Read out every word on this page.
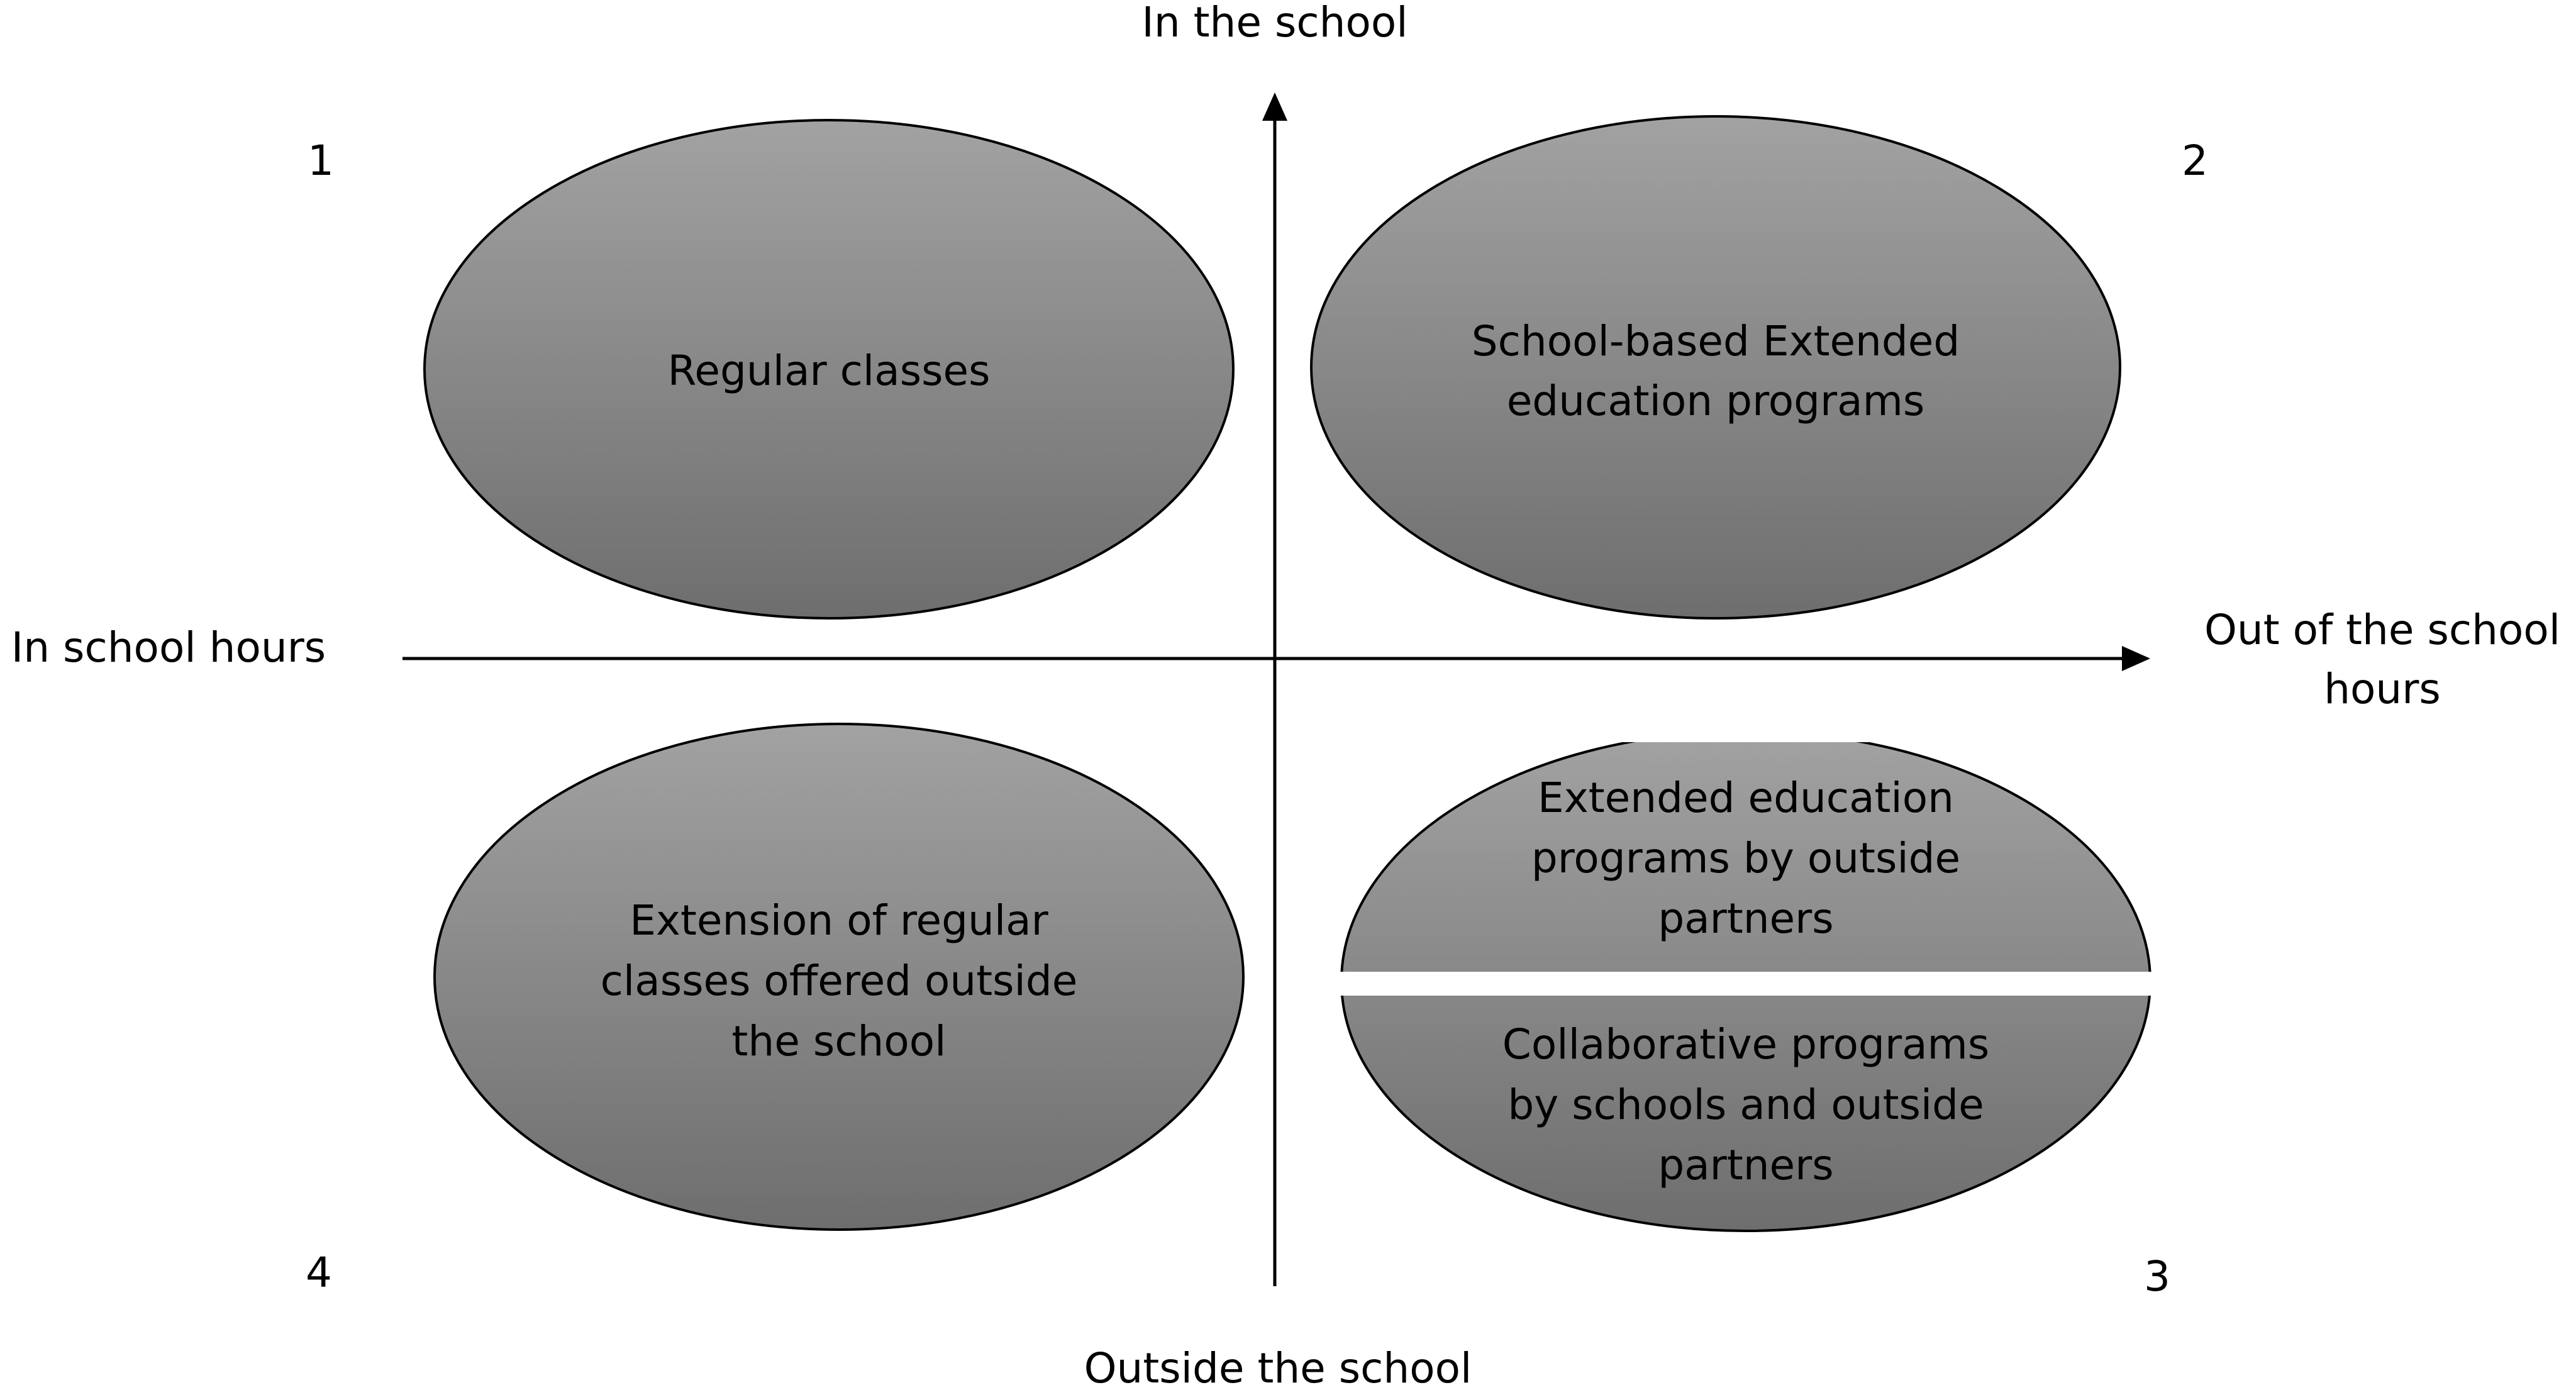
In the school
Outside the school
In school hours	Out of the school
hours
1	2
3
4
Regular classes
School-based Extended
education programs
Extension of regular
classes offered outside
the school
Extended education
programs by outside
partners
Collaborative programs
by schools and outside
partners
